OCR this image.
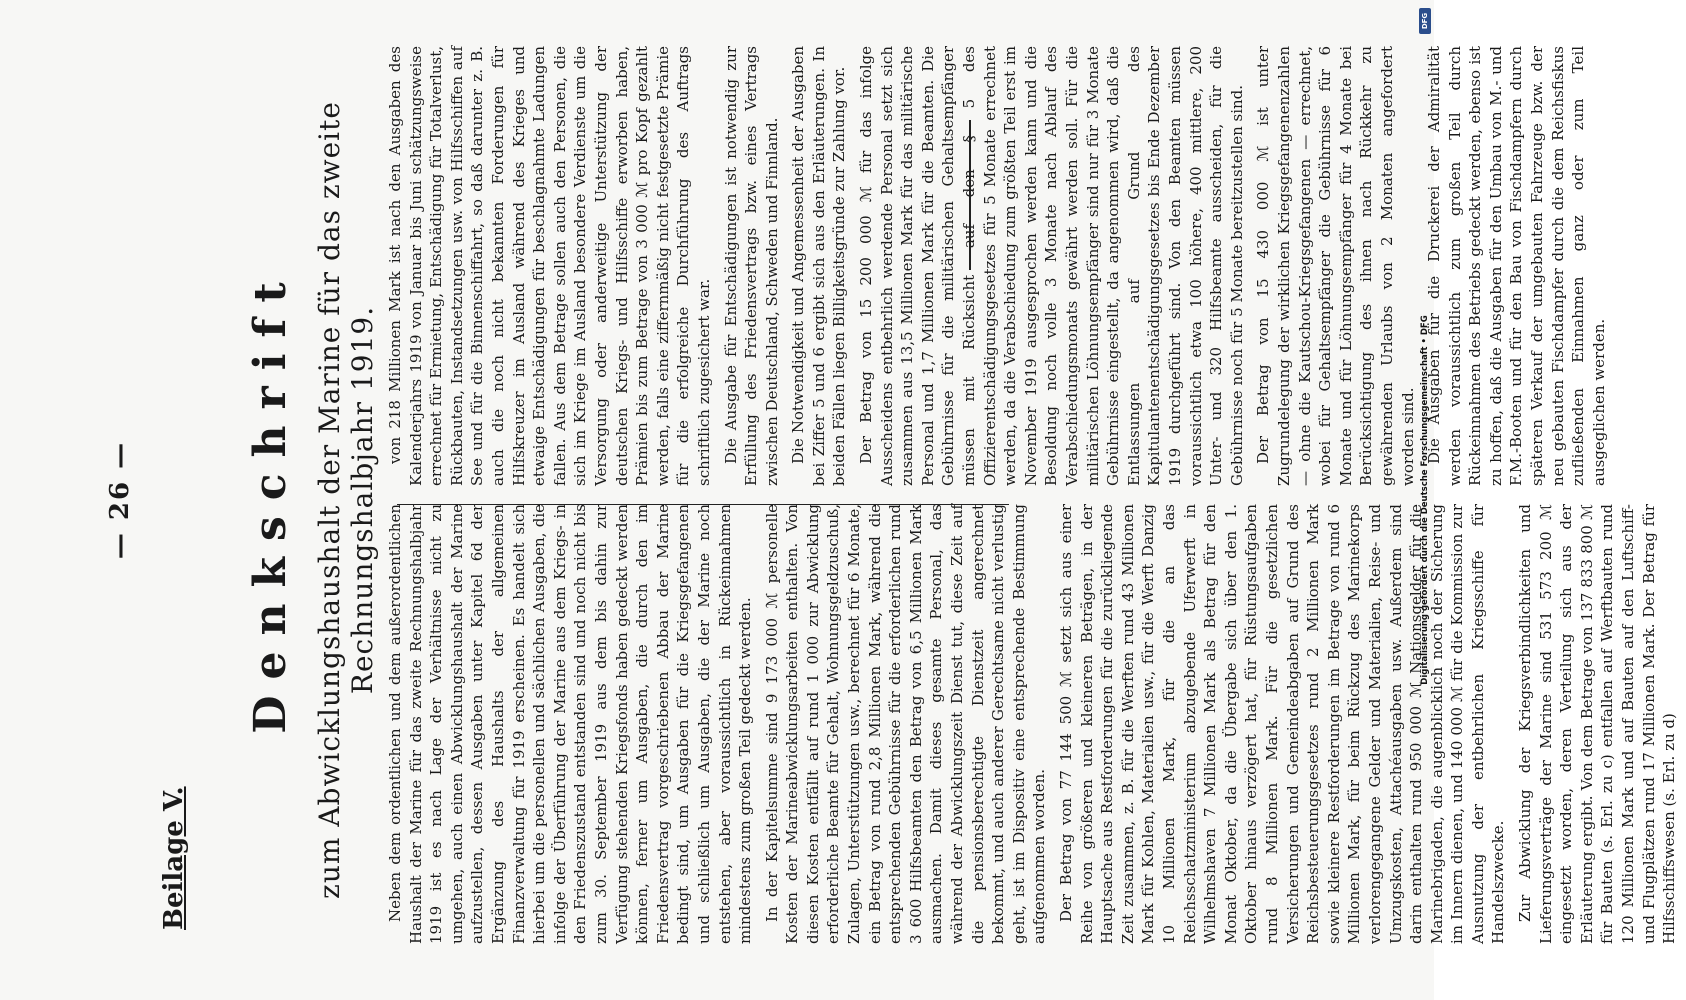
Beilage V.
— 26 —	Denkschrift zum Abwicklungshaushalt der Marine für das zweite Rechnungshalbjahr 1919.

Neben dem ordentlichen und dem außerordentlichen Haushalt der Marine für das zweite Rechnungshalbjahr 1919 ist es nach Lage der Verhältnisse nicht zu umgehen, auch einen Abwicklungshaushalt der Marine aufzustellen, dessen Ausgaben unter Kapitel 6d der Ergänzung des Haushalts der allgemeinen Finanzverwaltung für 1919 erscheinen. Es handelt sich hierbei um die personellen und sächlichen Ausgaben, die infolge der Überführung der Marine aus dem Kriegs- in den Friedenszustand entstanden sind und noch nicht bis zum 30. September 1919 aus dem bis dahin zur Verfügung stehenden Kriegsfonds haben gedeckt werden können, ferner um Ausgaben, die durch den im Friedensvertrag vorgeschriebenen Abbau der Marine bedingt sind, um Ausgaben für die Kriegsgefangenen und schließlich um Ausgaben, die der Marine noch entstehen, aber voraussichtlich in Rückeinnahmen mindestens zum großen Teil gedeckt werden. In der Kapitelsumme sind 9 173 000 ℳ personelle Kosten der Marineabwicklungsarbeiten enthalten. Von diesen Kosten entfällt auf rund 1 000 zur Abwicklung erforderliche Beamte für Gehalt, Wohnungsgeldzuschuß, Zulagen, Unterstützungen usw., berechnet für 6 Monate, ein Betrag von rund 2,8 Millionen Mark, während die entsprechenden Gebührnisse für die erforderlichen rund 3 600 Hilfsbeamten den Betrag von 6,5 Millionen Mark ausmachen. Damit dieses gesamte Personal, das während der Abwicklungszeit Dienst tut, diese Zeit auf die pensionsberechtigte Dienstzeit angerechnet bekommt, und auch anderer Gerechtsame nicht verlustig geht, ist im Dispositiv eine entsprechende Bestimmung aufgenommen worden. Der Betrag von 77 144 500 ℳ setzt sich aus einer Reihe von größeren und kleineren Beträgen, in der Hauptsache aus Restforderungen für die zurückliegende Zeit zusammen, z. B. für die Werften rund 43 Millionen Mark für Kohlen, Materialien usw., für die Werft Danzig 10 Millionen Mark, für die an das Reichsschatzministerium abzugebende Uferwerft in Wilhelmshaven 7 Millionen Mark als Betrag für den Monat Oktober, da die Übergabe sich über den 1. Oktober hinaus verzögert hat, für Rüstungsaufgaben rund 8 Millionen Mark. Für die gesetzlichen Versicherungen und Gemeindeabgaben auf Grund des Reichsbesteuerungsgesetzes rund 2 Millionen Mark sowie kleinere Restforderungen im Betrage von rund 6 Millionen Mark, für beim Rückzug des Marinekorps verlorengegangene Gelder und Materialien, Reise- und Umzugskosten, Attachéausgaben usw. Außerdem sind darin enthalten rund 950 000 ℳ Nationsgelder für die Marinebrigaden, die augenblicklich noch der Sicherung im Innern dienen, und 140 000 ℳ für die Kommission zur Ausnutzung der entbehrlichen Kriegsschiffe für Handelszwecke. Zur Abwicklung der Kriegsverbindlichkeiten und Lieferungsverträge der Marine sind 531 573 200 ℳ eingesetzt worden, deren Verteilung sich aus der Erläuterung ergibt. Von dem Betrage von 137 833 800 ℳ für Bauten (s. Erl. zu c) entfallen auf Werftbauten rund 120 Millionen Mark und auf Bauten auf den Luftschiff- und Flugplätzen rund 17 Millionen Mark. Der Betrag für Hilfsschiffswesen (s. Erl. zu d)

von 218 Millionen Mark ist nach den Ausgaben des Kalenderjahrs 1919 von Januar bis Juni schätzungsweise errechnet für Ermietung, Entschädigung für Totalverlust, Rückbauten, Instandsetzungen usw. von Hilfsschiffen auf See und für die Binnenschiffahrt, so daß darunter z. B. auch die noch nicht bekannten Forderungen für Hilfskreuzer im Ausland während des Krieges und etwaige Entschädigungen für beschlagnahmte Ladungen fallen. Aus dem Betrage sollen auch den Personen, die sich im Kriege im Ausland besondere Verdienste um die Versorgung oder anderweitige Unterstützung der deutschen Kriegs- und Hilfsschiffe erworben haben, Prämien bis zum Betrage von 3 000 ℳ pro Kopf gezahlt werden, falls eine ziffernmäßig nicht festgesetzte Prämie für die erfolgreiche Durchführung des Auftrags schriftlich zugesichert war. Die Ausgabe für Entschädigungen ist notwendig zur Erfüllung des Friedensvertrags bzw. eines Vertrags zwischen Deutschland, Schweden und Finnland. Die Notwendigkeit und Angemessenheit der Ausgaben bei Ziffer 5 und 6 ergibt sich aus den Erläuterungen. In beiden Fällen liegen Billigkeitsgründe zur Zahlung vor. Der Betrag von 15 200 000 ℳ für das infolge Ausscheidens entbehrlich werdende Personal setzt sich zusammen aus 13,5 Millionen Mark für das militärische Personal und 1,7 Millionen Mark für die Beamten. Die Gebührnisse für die militärischen Gehaltsempfänger müssen mit Rücksicht auf den § 5 des Offizierentschädigungsgesetzes für 5 Monate errechnet werden, da die Verabschiedung zum größten Teil erst im November 1919 ausgesprochen werden kann und die Besoldung noch volle 3 Monate nach Ablauf des Verabschiedungsmonats gewährt werden soll. Für die militärischen Löhnungsempfänger sind nur für 3 Monate Gebührnisse eingestellt, da angenommen wird, daß die Entlassungen auf Grund des Kapitulantenentschädigungsgesetzes bis Ende Dezember 1919 durchgeführt sind. Von den Beamten müssen voraussichtlich etwa 100 höhere, 400 mittlere, 200 Unter- und 320 Hilfsbeamte ausscheiden, für die Gebührnisse noch für 5 Monate bereitzustellen sind. Der Betrag von 15 430 000 ℳ ist unter Zugrundelegung der wirklichen Kriegsgefangenenzahlen — ohne die Kautschou-Kriegsgefangenen — errechnet, wobei für Gehaltsempfänger die Gebührnisse für 6 Monate und für Löhnungsempfänger für 4 Monate bei Berücksichtigung des ihnen nach Rückkehr zu gewährenden Urlaubs von 2 Monaten angefordert worden sind. Die Ausgaben für die Druckerei der Admiralität werden voraussichtlich zum großen Teil durch Rückeinnahmen des Betriebs gedeckt werden, ebenso ist zu hoffen, daß die Ausgaben für den Umbau von M.- und F.M.-Booten und für den Bau von Fischdampfern durch späteren Verkauf der umgebauten Fahrzeuge bzw. der neu gebauten Fischdampfer durch die dem Reichsfiskus zufließenden Einnahmen ganz oder zum Teil ausgeglichen werden.

Digitalisierung gefördert durch die Deutsche Forschungsgemeinschaft • DFG
DFG
